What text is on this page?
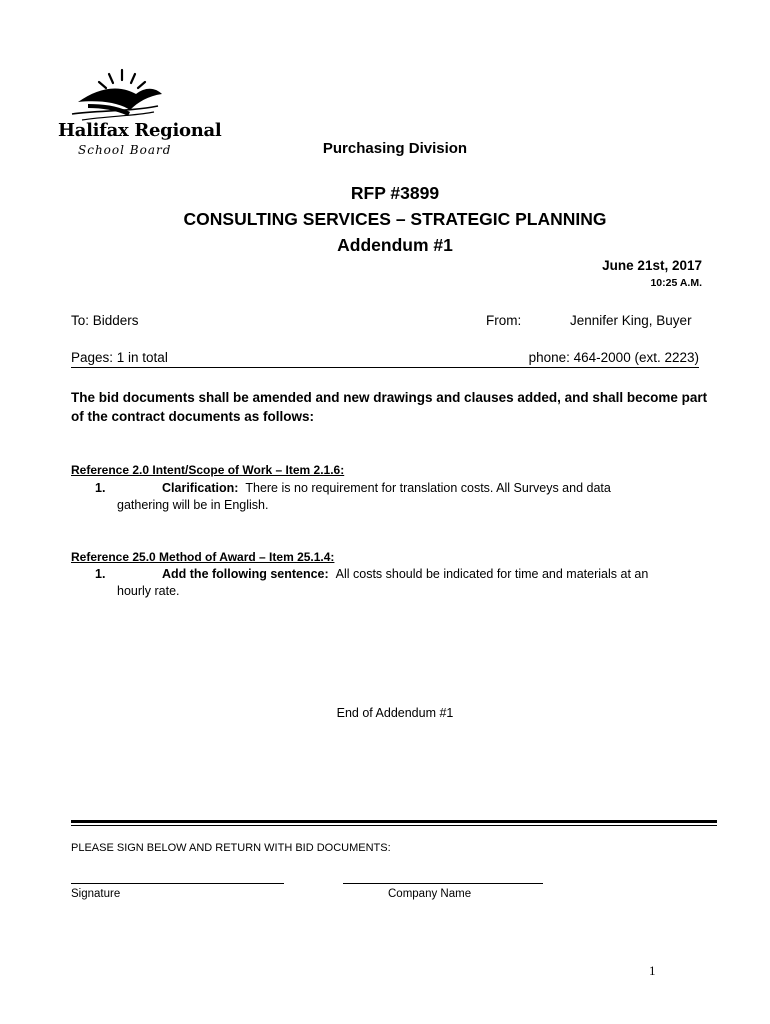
Halifax Regional
School Board	Purchasing Division
RFP #3899
CONSULTING SERVICES – STRATEGIC PLANNING
Addendum #1
June 21st, 2017
10:25 A.M.
To: Bidders	From:	Jennifer King, Buyer
Pages: 1 in total	phone: 464-2000 (ext. 2223)
The bid documents shall be amended and new drawings and clauses added, and shall become part of the contract documents as follows:
Reference 2.0 Intent/Scope of Work – Item 2.1.6:
1.	Clarification: There is no requirement for translation costs. All Surveys and data
gathering will be in English.
Reference 25.0 Method of Award – Item 25.1.4:
1.	Add the following sentence: All costs should be indicated for time and materials at an
hourly rate.
End of Addendum #1
PLEASE SIGN BELOW AND RETURN WITH BID DOCUMENTS:
Signature	Company Name
1
